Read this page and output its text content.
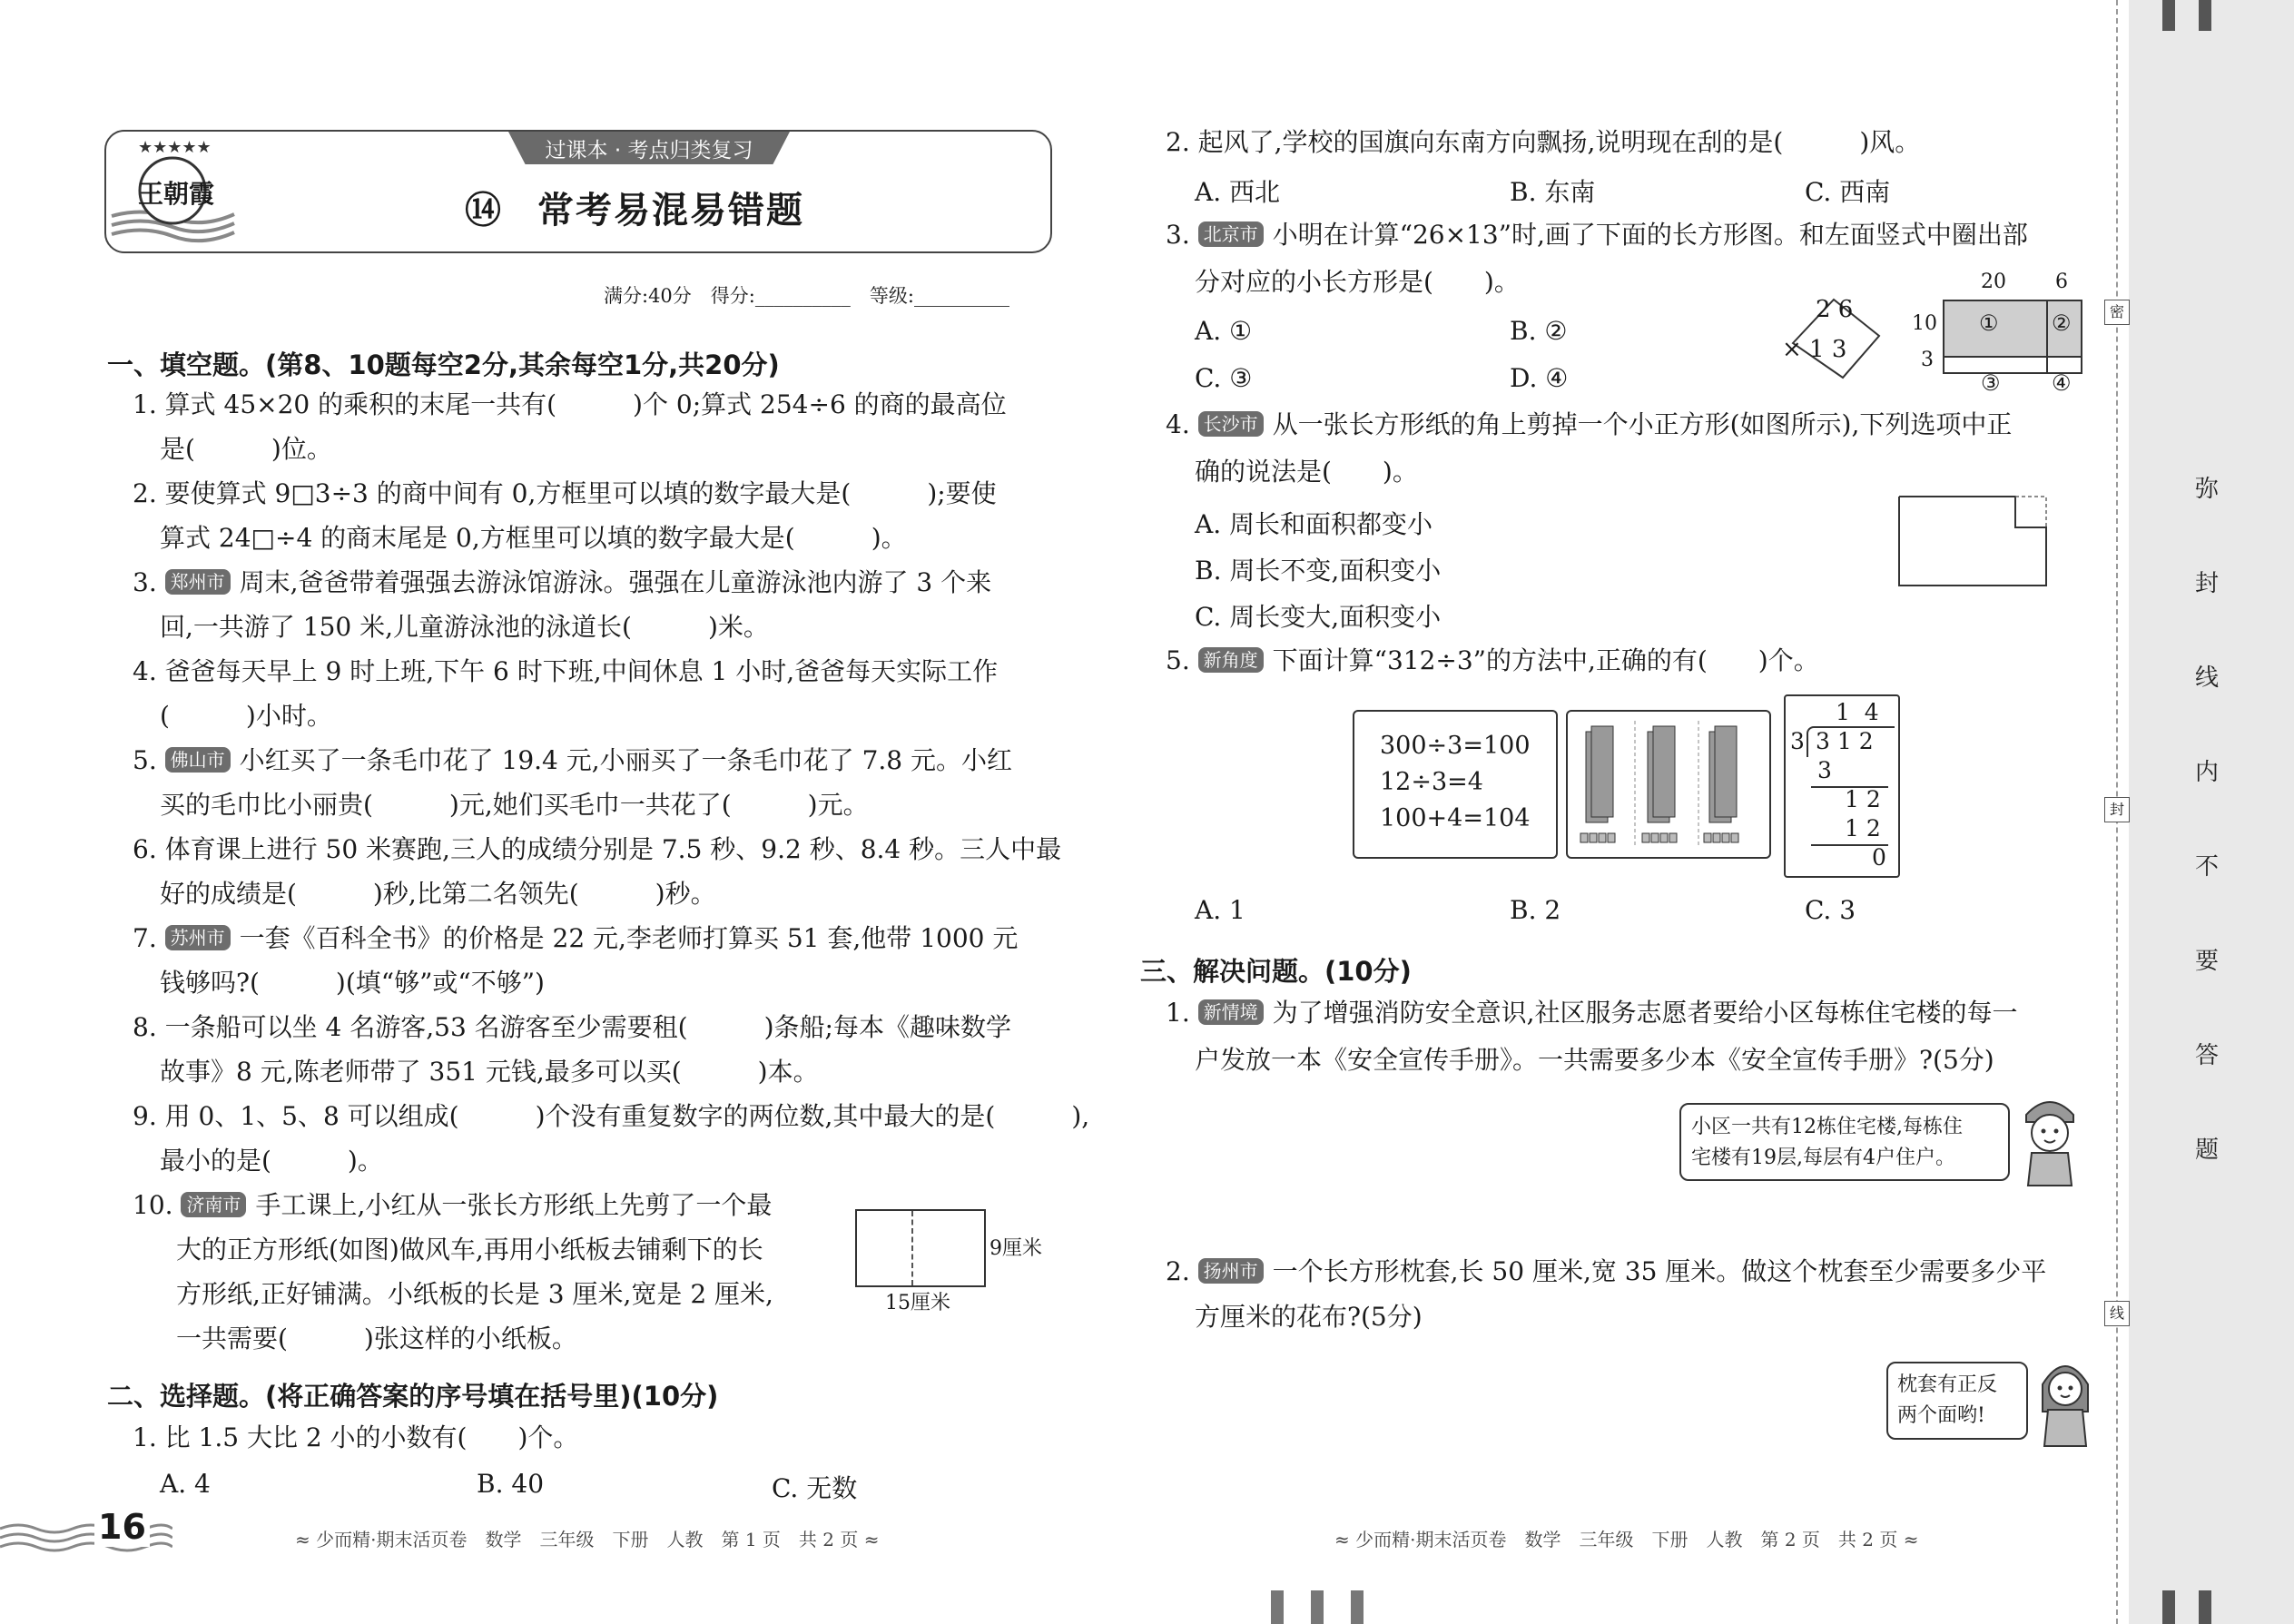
★★★★★
王朝霞
过课本 · 考点归类复习
⑭ 常考易混易错题
满分:40分　得分:__________　等级:__________
一、填空题。(第8、10题每空2分,其余每空1分,共20分)
1. 算式 45×20 的乘积的末尾一共有(　　　)个 0;算式 254÷6 的商的最高位
是(　　　)位。
2. 要使算式 9□3÷3 的商中间有 0,方框里可以填的数字最大是(　　　);要使
算式 24□÷4 的商末尾是 0,方框里可以填的数字最大是(　　　)。
3. 郑州市 周末,爸爸带着强强去游泳馆游泳。强强在儿童游泳池内游了 3 个来
回,一共游了 150 米,儿童游泳池的泳道长(　　　)米。
4. 爸爸每天早上 9 时上班,下午 6 时下班,中间休息 1 小时,爸爸每天实际工作
(　　　)小时。
5. 佛山市 小红买了一条毛巾花了 19.4 元,小丽买了一条毛巾花了 7.8 元。小红
买的毛巾比小丽贵(　　　)元,她们买毛巾一共花了(　　　)元。
6. 体育课上进行 50 米赛跑,三人的成绩分别是 7.5 秒、9.2 秒、8.4 秒。三人中最
好的成绩是(　　　)秒,比第二名领先(　　　)秒。
7. 苏州市 一套《百科全书》的价格是 22 元,李老师打算买 51 套,他带 1000 元
钱够吗?(　　　)(填“够”或“不够”)
8. 一条船可以坐 4 名游客,53 名游客至少需要租(　　　)条船;每本《趣味数学
故事》8 元,陈老师带了 351 元钱,最多可以买(　　　)本。
9. 用 0、1、5、8 可以组成(　　　)个没有重复数字的两位数,其中最大的是(　　　),
最小的是(　　　)。
10. 济南市 手工课上,小红从一张长方形纸上先剪了一个最
大的正方形纸(如图)做风车,再用小纸板去铺剩下的长
方形纸,正好铺满。小纸板的长是 3 厘米,宽是 2 厘米,
一共需要(　　　)张这样的小纸板。
9厘米
15厘米
二、选择题。(将正确答案的序号填在括号里)(10分)
1. 比 1.5 大比 2 小的小数有(　　)个。
A. 4	B. 40	C. 无数
16	≈ 少而精·期末活页卷　数学　三年级　下册　人教　第 1 页　共 2 页 ≈
2. 起风了,学校的国旗向东南方向飘扬,说明现在刮的是(　　　)风。
A. 西北	B. 东南	C. 西南
3. 北京市 小明在计算“26×13”时,画了下面的长方形图。和左面竖式中圈出部
分对应的小长方形是(　　)。
A. ①	B. ②
C. ③	D. ④
2 6
× 1 3
20 6
10
3
① ②
③ ④
4. 长沙市 从一张长方形纸的角上剪掉一个小正方形(如图所示),下列选项中正
确的说法是(　　)。
A. 周长和面积都变小
B. 周长不变,面积变小
C. 周长变大,面积变小
5. 新角度 下面计算“312÷3”的方法中,正确的有(　　)个。
300÷3=100
12÷3=4
100+4=104
1  4
3 3 1 2
3
1 2
1 2
0
A. 1	B. 2	C. 3
三、解决问题。(10分)
1. 新情境 为了增强消防安全意识,社区服务志愿者要给小区每栋住宅楼的每一
户发放一本《安全宣传手册》。一共需要多少本《安全宣传手册》?(5分)
小区一共有12栋住宅楼,每栋住
宅楼有19层,每层有4户住户。
2. 扬州市 一个长方形枕套,长 50 厘米,宽 35 厘米。做这个枕套至少需要多少平
方厘米的花布?(5分)
枕套有正反
两个面哟!
≈ 少而精·期末活页卷　数学　三年级　下册　人教　第 2 页　共 2 页 ≈
密
封
线
弥
封
线
内
不
要
答
题
